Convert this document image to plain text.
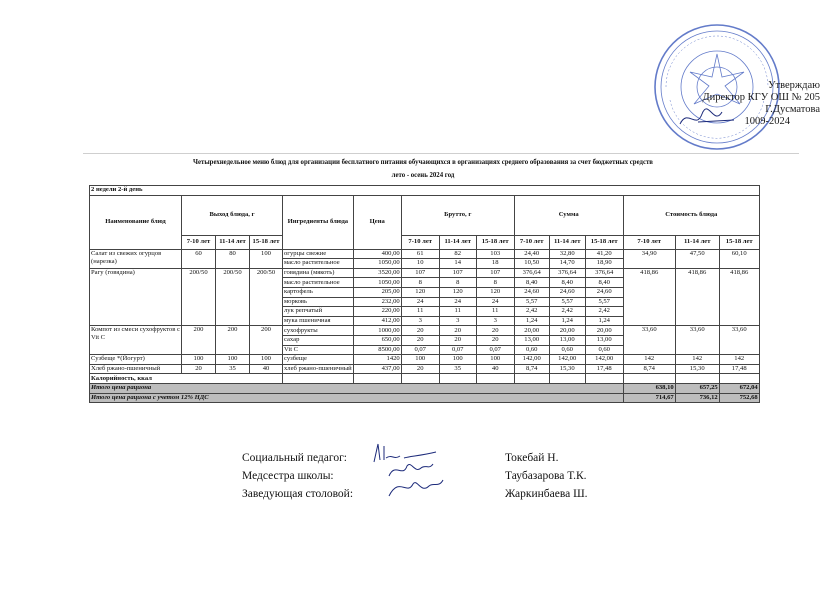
Утверждаю
Директор КГУ ОШ № 205
Г.Дусматова
1009-2024
Четырехнедельное меню блюд для организации бесплатного питания обучающихся в организациях среднего образования за счет бюджетных средств
лето - осень 2024 год
2 недели 2-й день														
Наименование блюд	Выход блюда, г			Ингредиенты блюда	Цена	Брутто, г			Сумма			Стоимость блюда		
	7-10 лет	11-14 лет	15-18 лет			7-10 лет	11-14 лет	15-18 лет	7-10 лет	11-14 лет	15-18 лет	7-10 лет	11-14 лет	15-18 лет
Салат из свежих огурцов (нарезка)	60	80	100	огурцы свежие	400,00	61	82	103	24,40	32,80	41,20	34,90	47,50	60,10
				масло растительное	1050,00	10	14	18	10,50	14,70	18,90			
Рагу (говядина)	200/50	200/50	200/50	говядина (мякоть)	3520,00	107	107	107	376,64	376,64	376,64	418,86	418,86	418,86
				масло растительное	1050,00	8	8	8	8,40	8,40	8,40			
				картофель	205,00	120	120	120	24,60	24,60	24,60			
				морковь	232,00	24	24	24	5,57	5,57	5,57			
				лук репчатый	220,00	11	11	11	2,42	2,42	2,42			
				мука пшеничная	412,00	3	3	3	1,24	1,24	1,24			
Компот из смеси сухофруктов с Vit C	200	200	200	сухофрукты	1000,00	20	20	20	20,00	20,00	20,00	33,60	33,60	33,60
				сахар	650,00	20	20	20	13,00	13,00	13,00			
				Vit C	8500,00	0,07	0,07	0,07	0,60	0,60	0,60			
Сузбеще *(Йогурт)	100	100	100	сузбеще	1420	100	100	100	142,00	142,00	142,00	142	142	142
Хлеб ржано-пшеничный	20	35	40	хлеб ржано-пшеничный	437,00	20	35	40	8,74	15,30	17,48	8,74	15,30	17,48
Калорийность, ккал														
Итого цена рациона												638,10	657,25	672,04
Итого цена рациона с учетом 12% НДС												714,67	736,12	752,68
Социальный педагог:	Токебай Н.
Медсестра школы:	Таубазарова Т.К.
Заведующая столовой:	Жаркинбаева Ш.
